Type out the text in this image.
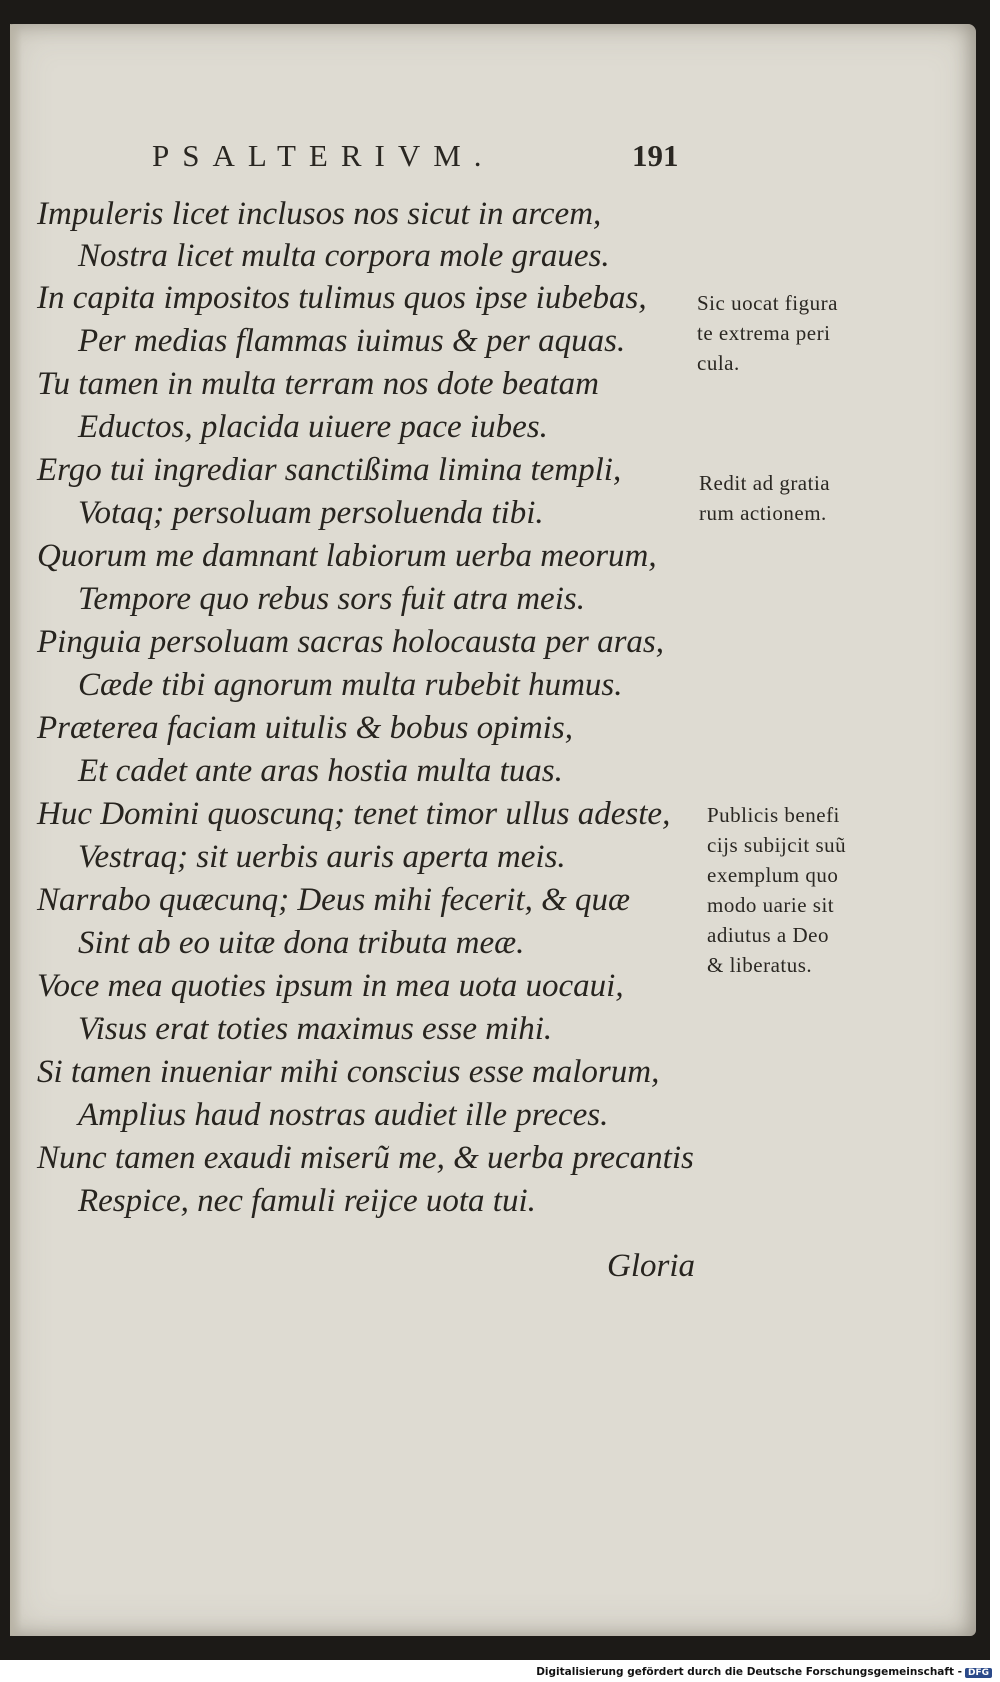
PSALTERIVM.	191
Impuleris licet inclusos nos sicut in arcem,
Nostra licet multa corpora mole graues.
In capita impositos tulimus quos ipse iubebas,
Per medias flammas iuimus & per aquas.
Tu tamen in multa terram nos dote beatam
Eductos, placida uiuere pace iubes.
Ergo tui ingrediar sanctißima limina templi,
Votaq; persoluam persoluenda tibi.
Quorum me damnant labiorum uerba meorum,
Tempore quo rebus sors fuit atra meis.
Pinguia persoluam sacras holocausta per aras,
Cæde tibi agnorum multa rubebit humus.
Præterea faciam uitulis & bobus opimis,
Et cadet ante aras hostia multa tuas.
Huc Domini quoscunq; tenet timor ullus adeste,
Vestraq; sit uerbis auris aperta meis.
Narrabo quæcunq; Deus mihi fecerit, & quæ
Sint ab eo uitæ dona tributa meæ.
Voce mea quoties ipsum in mea uota uocaui,
Visus erat toties maximus esse mihi.
Si tamen inueniar mihi conscius esse malorum,
Amplius haud nostras audiet ille preces.
Nunc tamen exaudi miserũ me, & uerba precantis
Respice, nec famuli reijce uota tui.
Gloria
Sic uocat figura
te extrema peri
cula.
Redit ad gratia
rum actionem.
Publicis benefi
cijs subijcit suũ
exemplum quo
modo uarie sit
adiutus a Deo
& liberatus.
Digitalisierung gefördert durch die Deutsche Forschungsgemeinschaft - DFG
